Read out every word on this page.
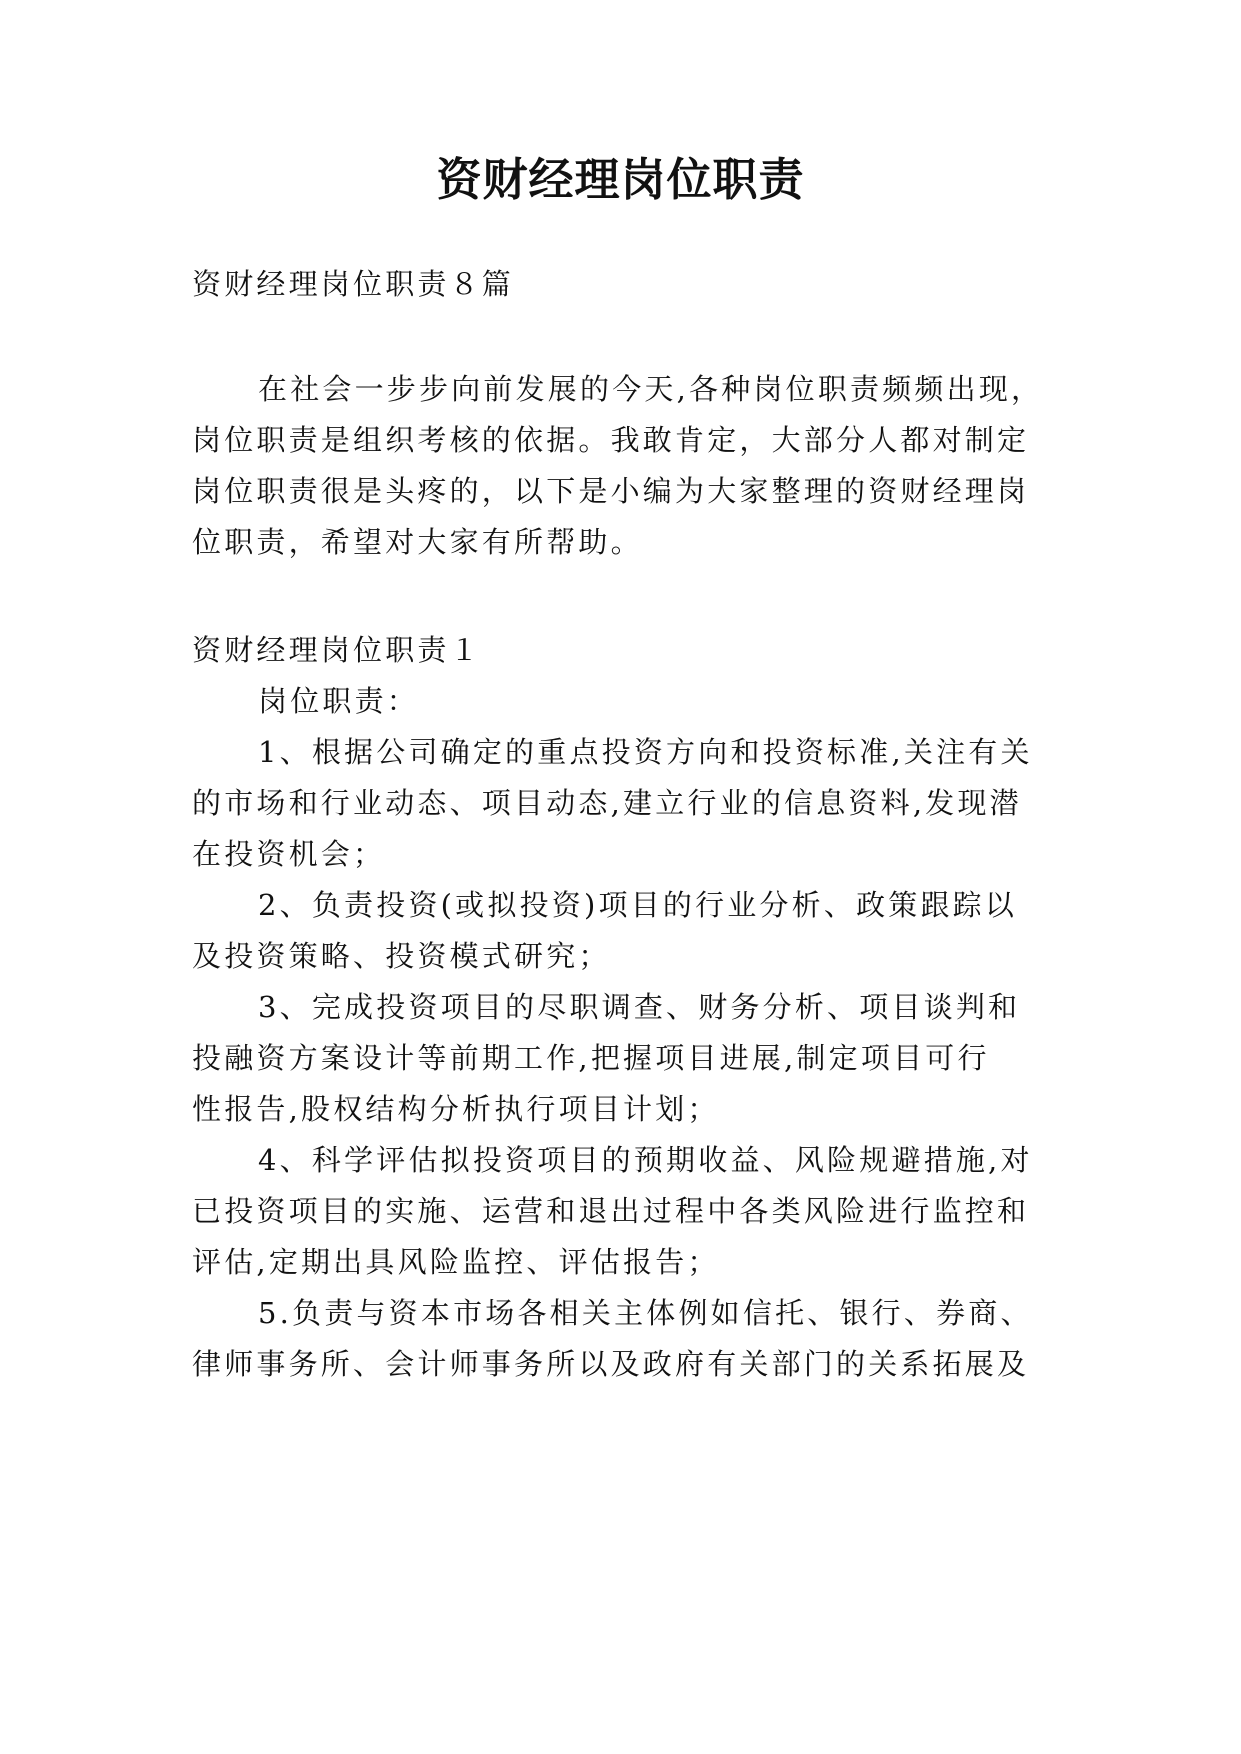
资财经理岗位职责

资财经理岗位职责８篇

在社会一步步向前发展的今天,各种岗位职责频频出现，

岗位职责是组织考核的依据。我敢肯定，大部分人都对制定

岗位职责很是头疼的，以下是小编为大家整理的资财经理岗

位职责，希望对大家有所帮助。

资财经理岗位职责１

岗位职责：

1、根据公司确定的重点投资方向和投资标准,关注有关

的市场和行业动态、项目动态,建立行业的信息资料,发现潜

在投资机会；

2、负责投资(或拟投资)项目的行业分析、政策跟踪以

及投资策略、投资模式研究；

3、完成投资项目的尽职调查、财务分析、项目谈判和

投融资方案设计等前期工作,把握项目进展,制定项目可行

性报告,股权结构分析执行项目计划；

4、科学评估拟投资项目的预期收益、风险规避措施,对

已投资项目的实施、运营和退出过程中各类风险进行监控和

评估,定期出具风险监控、评估报告；

5.负责与资本市场各相关主体例如信托、银行、券商、

律师事务所、会计师事务所以及政府有关部门的关系拓展及
